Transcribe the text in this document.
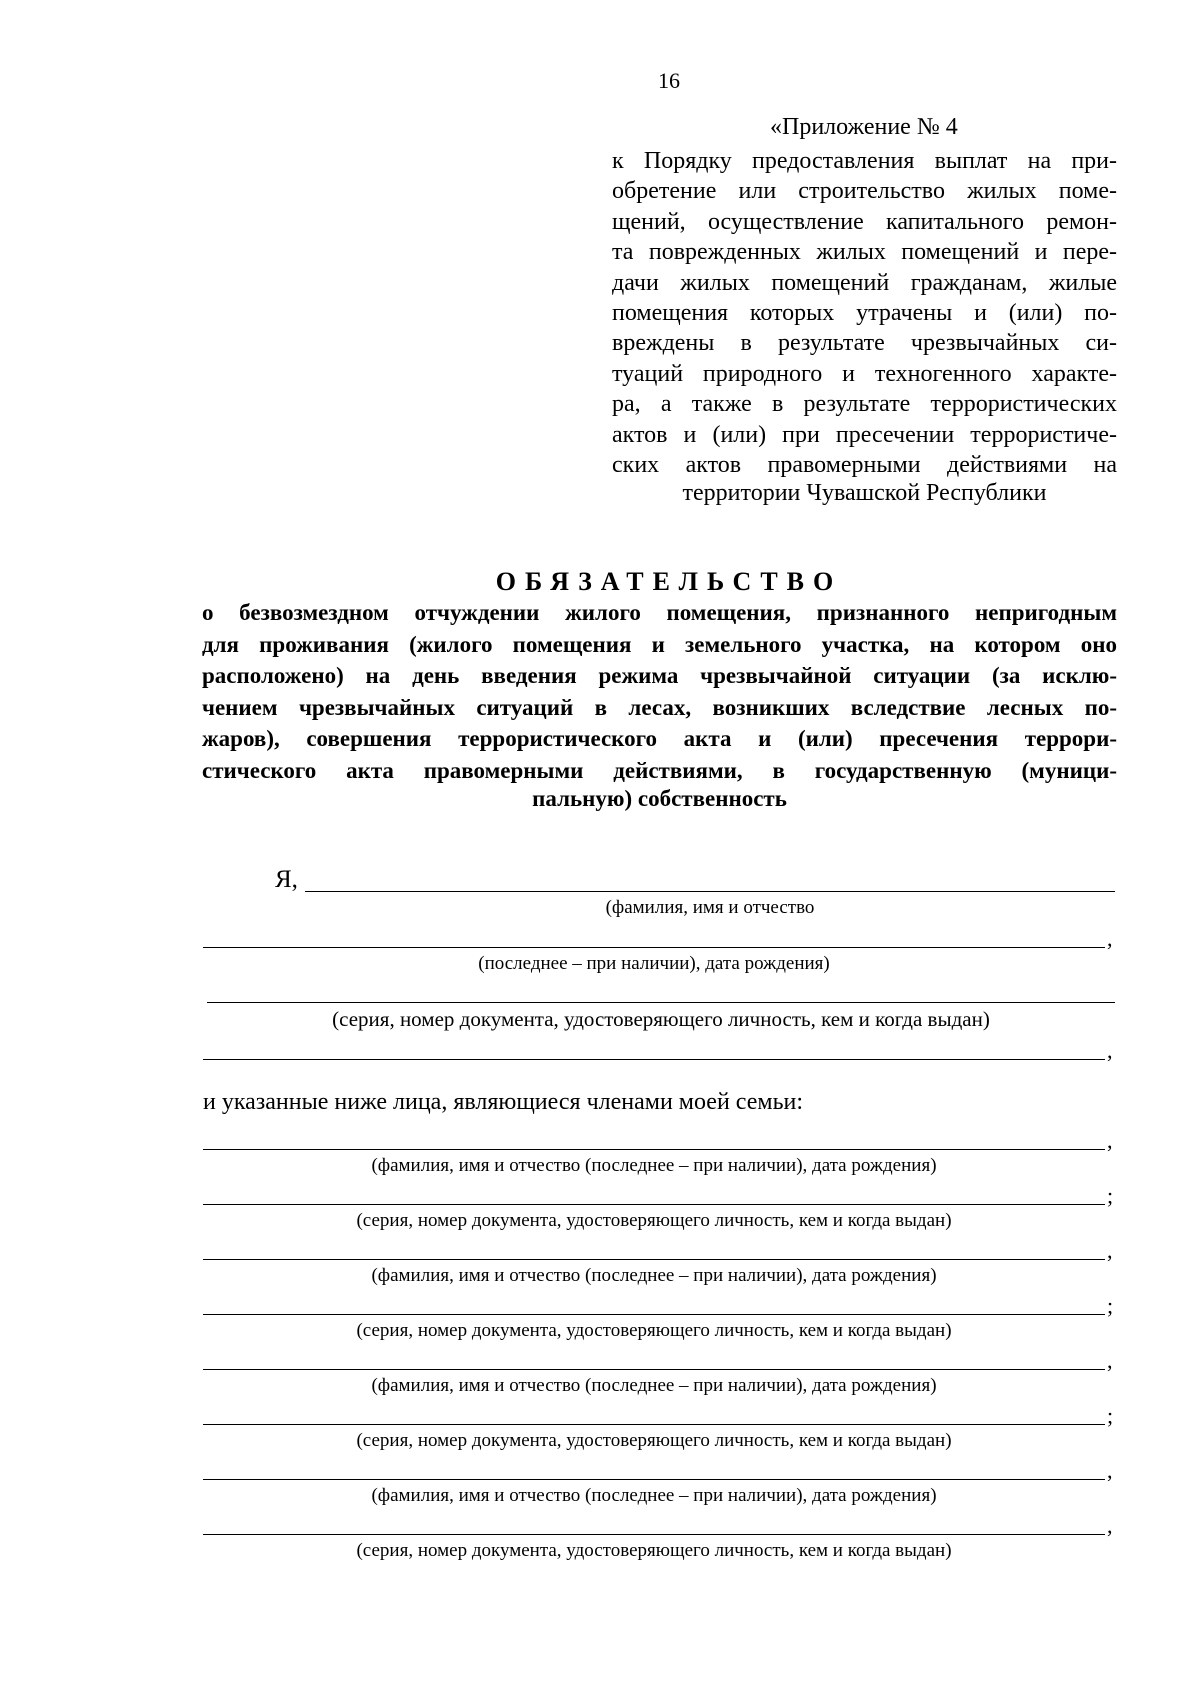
16
«Приложение № 4
к Порядку предоставления выплат на при-
обретение или строительство жилых поме-
щений, осуществление капитального ремон-
та поврежденных жилых помещений и пере-
дачи жилых помещений гражданам, жилые
помещения которых утрачены и (или) по-
вреждены в результате чрезвычайных си-
туаций природного и техногенного характе-
ра, а также в результате террористических
актов и (или) при пресечении террористиче-
ских актов правомерными действиями на
территории Чувашской Республики
ОБЯЗАТЕЛЬСТВО
о безвозмездном отчуждении жилого помещения, признанного непригодным
для проживания (жилого помещения и земельного участка, на котором оно
расположено) на день введения режима чрезвычайной ситуации (за исклю-
чением чрезвычайных ситуаций в лесах, возникших вследствие лесных по-
жаров), совершения террористического акта и (или) пресечения террори-
стического акта правомерными действиями, в государственную (муници-
пальную) собственность
Я,
(фамилия, имя и отчество
,
(последнее – при наличии), дата рождения)
(серия, номер документа, удостоверяющего личность, кем и когда выдан)
,
и указанные ниже лица, являющиеся членами моей семьи:
,
(фамилия, имя и отчество (последнее – при наличии), дата рождения)
;
(серия, номер документа, удостоверяющего личность, кем и когда выдан)
,
(фамилия, имя и отчество (последнее – при наличии), дата рождения)
;
(серия, номер документа, удостоверяющего личность, кем и когда выдан)
,
(фамилия, имя и отчество (последнее – при наличии), дата рождения)
;
(серия, номер документа, удостоверяющего личность, кем и когда выдан)
,
(фамилия, имя и отчество (последнее – при наличии), дата рождения)
,
(серия, номер документа, удостоверяющего личность, кем и когда выдан)
